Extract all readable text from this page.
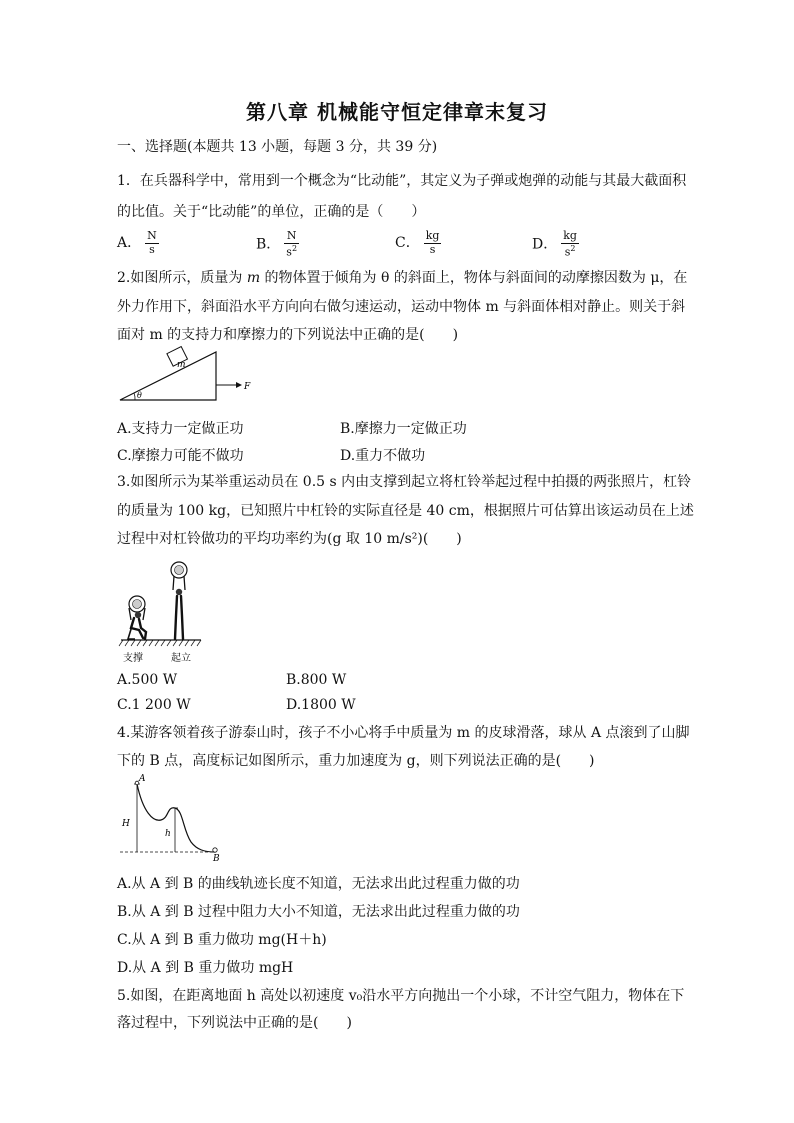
第八章 机械能守恒定律章末复习
一、选择题(本题共 13 小题，每题 3 分，共 39 分)
1．在兵器科学中，常用到一个概念为“比动能”，其定义为子弹或炮弹的动能与其最大截面积
的比值。关于“比动能”的单位，正确的是（　　）
A． $\frac{N}{s}$	B． $\frac{N}{s^2}$	C． $\frac{kg}{s}$	D． $\frac{kg}{s^2}$
2.如图所示，质量为 m 的物体置于倾角为 θ 的斜面上，物体与斜面间的动摩擦因数为 μ，在
外力作用下，斜面沿水平方向向右做匀速运动，运动中物体 m 与斜面体相对静止。则关于斜
面对 m 的支持力和摩擦力的下列说法中正确的是(　　)
m
θ
F
A.支持力一定做正功	B.摩擦力一定做正功
C.摩擦力可能不做功	D.重力不做功
3.如图所示为某举重运动员在 0.5 s 内由支撑到起立将杠铃举起过程中拍摄的两张照片，杠铃
的质量为 100 kg，已知照片中杠铃的实际直径是 40 cm，根据照片可估算出该运动员在上述
过程中对杠铃做功的平均功率约为(g 取 10 m/s²)(　　)
支撑	起立
A.500 W	B.800 W
C.1 200 W	D.1800 W
4.某游客领着孩子游泰山时，孩子不小心将手中质量为 m 的皮球滑落，球从 A 点滚到了山脚
下的 B 点，高度标记如图所示，重力加速度为 g，则下列说法正确的是(　　)
A
B
H
h
A.从 A 到 B 的曲线轨迹长度不知道，无法求出此过程重力做的功
B.从 A 到 B 过程中阻力大小不知道，无法求出此过程重力做的功
C.从 A 到 B 重力做功 mg(H＋h)
D.从 A 到 B 重力做功 mgH
5.如图，在距离地面 h 高处以初速度 v₀沿水平方向抛出一个小球，不计空气阻力，物体在下
落过程中，下列说法中正确的是(　　)
